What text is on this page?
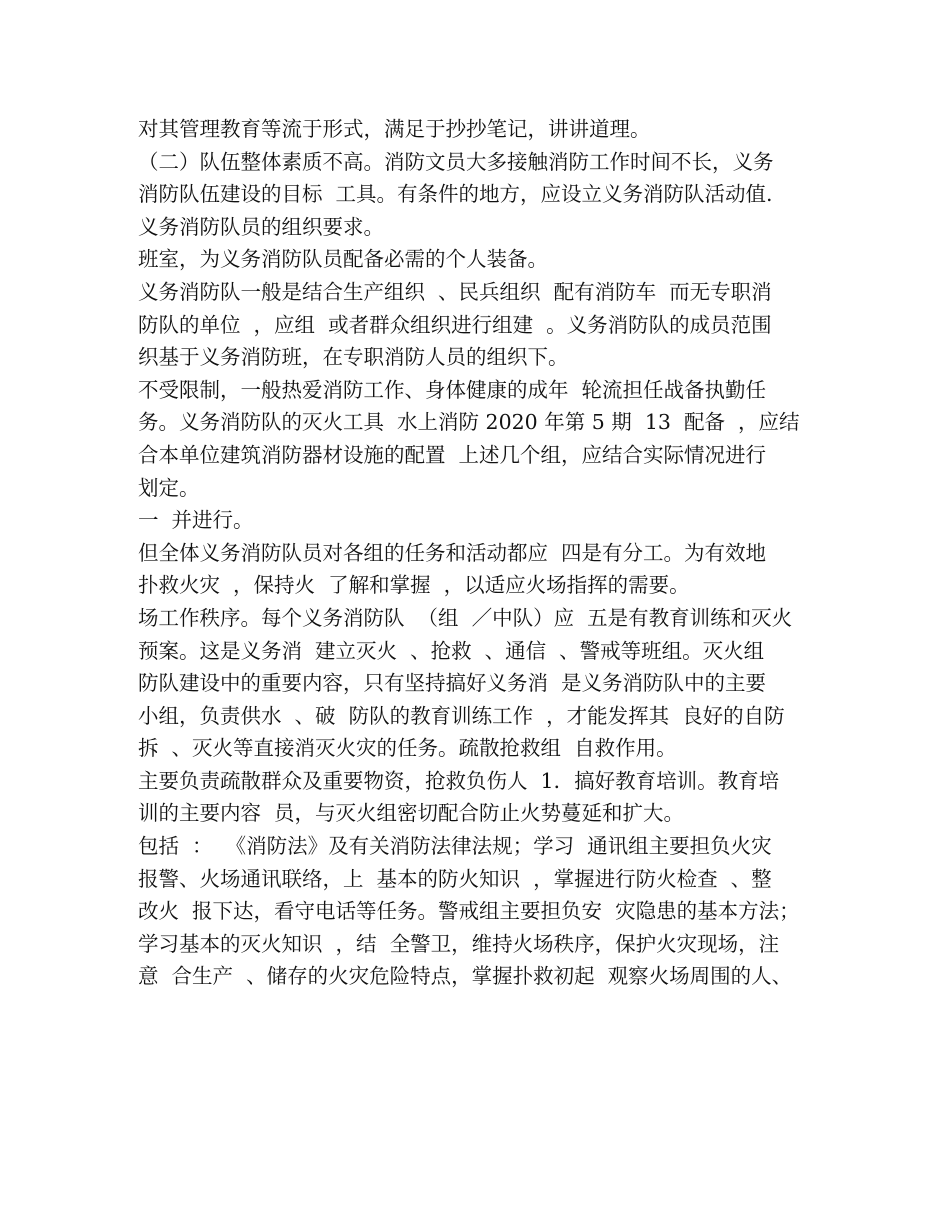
对其管理教育等流于形式，满足于抄抄笔记，讲讲道理。
（二）队伍整体素质不高。消防文员大多接触消防工作时间不长，义务
消防队伍建设的目标  工具。有条件的地方，应设立义务消防队活动值.
义务消防队员的组织要求。
班室，为义务消防队员配备必需的个人装备。
义务消防队一般是结合生产组织  、民兵组织  配有消防车  而无专职消
防队的单位  ，应组  或者群众组织进行组建  。义务消防队的成员范围
织基于义务消防班，在专职消防人员的组织下。
不受限制，一般热爱消防工作、身体健康的成年  轮流担任战备执勤任
务。义务消防队的灭火工具  水上消防 2020 年第 5 期  13  配备  ，应结
合本单位建筑消防器材设施的配置  上述几个组，应结合实际情况进行
划定。
一  并进行。
但全体义务消防队员对各组的任务和活动都应  四是有分工。为有效地
扑救火灾  ，保持火  了解和掌握  ，以适应火场指挥的需要。
场工作秩序。每个义务消防队  （组  ／中队）应  五是有教育训练和灭火
预案。这是义务消  建立灭火  、抢救  、通信  、警戒等班组。灭火组
防队建设中的重要内容，只有坚持搞好义务消  是义务消防队中的主要
小组，负责供水  、破  防队的教育训练工作  ，才能发挥其  良好的自防
拆  、灭火等直接消灭火灾的任务。疏散抢救组  自救作用。
主要负责疏散群众及重要物资，抢救负伤人  1．搞好教育培训。教育培
训的主要内容  员，与灭火组密切配合防止火势蔓延和扩大。
包括  ：  《消防法》及有关消防法律法规；学习  通讯组主要担负火灾
报警、火场通讯联络，上  基本的防火知识  ，掌握进行防火检查  、整
改火  报下达，看守电话等任务。警戒组主要担负安  灾隐患的基本方法；
学习基本的灭火知识  ，结  全警卫，维持火场秩序，保护火灾现场，注
意  合生产  、储存的火灾危险特点，掌握扑救初起  观察火场周围的人、
